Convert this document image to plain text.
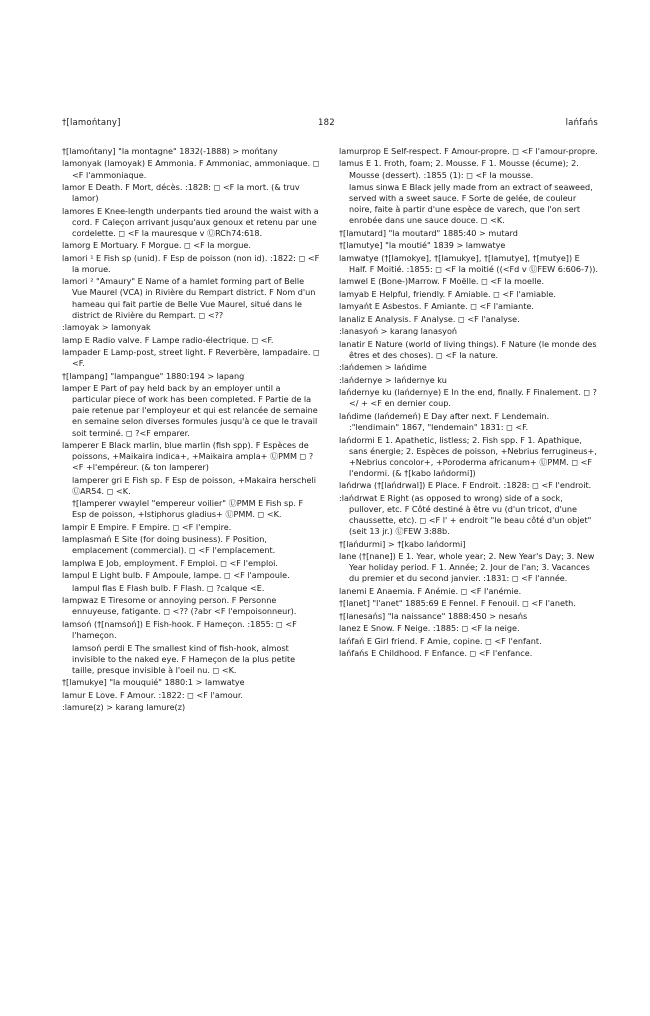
†[lamońtany]	182	lańfańs
†[lamońtany] "la montagne" 1832(-1888) > mońtany
lamonyak (lamoyak) E Ammonia. F Ammoniac, ammoniaque. ◻ <F l'ammoniaque.
lamor E Death. F Mort, décès. :1828: ◻ <F la mort. (& truv lamor)
lamores E Knee-length underpants tied around the waist with a cord. F Caleçon arrivant jusqu'aux genoux et retenu par une cordelette. ◻ <F la mauresque v ⓊRCh74:618.
lamorg E Mortuary. F Morgue. ◻ <F la morgue.
lamori ¹ E Fish sp (unid). F Esp de poisson (non id). :1822: ◻ <F la morue.
lamori ² "Amaury" E Name of a hamlet forming part of Belle Vue Maurel (VCA) in Rivière du Rempart district. F Nom d'un hameau qui fait partie de Belle Vue Maurel, situé dans le district de Rivière du Rempart. ◻ <??
:lamoyak > lamonyak
lamp E Radio valve. F Lampe radio-électrique. ◻ <F.
lampader E Lamp-post, street light. F Reverbère, lampadaire. ◻ <F.
†[lampang] "lampangue" 1880:194 > lapang
lamper E Part of pay held back by an employer until a particular piece of work has been completed. F Partie de la paie retenue par l'employeur et qui est relancée de semaine en semaine selon diverses formules jusqu'à ce que le travail soit terminé. ◻ ?<F emparer.
lamperer E Black marlin, blue marlin (fish spp). F Espèces de poissons, +Maikaira indica+, +Maikaira ampla+ ⓊPMM ◻ ?<F +l'empéreur. (& ton lamperer)
lamperer gri E Fish sp. F Esp de poisson, +Makaira herscheli ⓊAR54. ◻ <K.
†[lamperer vwaylel "empereur voilier" ⓊPMM E Fish sp. F Esp de poisson, +Istiphorus gladius+ ⓊPMM. ◻ <K.
lampir E Empire. F Empire. ◻ <F l'empire.
lamplasmań E Site (for doing business). F Position, emplacement (commercial). ◻ <F l'emplacement.
lamplwa E Job, employment. F Emploi. ◻ <F l'emploi.
lampul E Light bulb. F Ampoule, lampe. ◻ <F l'ampoule.
lampul flas E Flash bulb. F Flash. ◻ ?calque <E.
lampwaz E Tiresome or annoying person. F Personne ennuyeuse, fatigante. ◻ <?? (?abr <F l'empoisonneur).
lamsoń (†[namsoń]) E Fish-hook. F Hameçon. :1855: ◻ <F l'hameçon.
lamsoń perdi E The smallest kind of fish-hook, almost invisible to the naked eye. F Hameçon de la plus petite taille, presque invisible à l'oeil nu. ◻ <K.
†[lamukye] "la mouquié" 1880:1 > lamwatye
lamur E Love. F Amour. :1822: ◻ <F l'amour.
:lamure(z) > karang lamure(z)
lamurprop E Self-respect. F Amour-propre. ◻ <F l'amour-propre.
lamus E 1. Froth, foam; 2. Mousse. F 1. Mousse (écume); 2. Mousse (dessert). :1855 (1): ◻ <F la mousse.
lamus sinwa E Black jelly made from an extract of seaweed, served with a sweet sauce. F Sorte de gelée, de couleur noire, faite à partir d'une espèce de varech, que l'on sert enrobée dans une sauce douce. ◻ <K.
†[lamutard] "la moutard" 1885:40 > mutard
†[lamutye] "la moutié" 1839 > lamwatye
lamwatye (†[lamokye], †[lamukye], †[lamutye], †[mutye]) E Half. F Moitié. :1855: ◻ <F la moitié ((<Fd v ⓊFEW 6:606-7)).
lamwel E (Bone-)Marrow. F Moëlle. ◻ <F la moelle.
lamyab E Helpful, friendly. F Amiable. ◻ <F l'amiable.
lamyańt E Asbestos. F Amiante. ◻ <F l'amiante.
lanaliz E Analysis. F Analyse. ◻ <F l'analyse.
:lanasyoń > karang lanasyoń
lanatir E Nature (world of living things). F Nature (le monde des êtres et des choses). ◻ <F la nature.
:lańdemen > lańdime
:lańdernye > lańdernye ku
lańdernye ku (lańdernye) E In the end, finally. F Finalement. ◻ ?</ + <F en dernier coup.
lańdime (lańdemeń) E Day after next. F Lendemain. :"lendimain" 1867, "lendemain" 1831: ◻ <F.
lańdormi E 1. Apathetic, listless; 2. Fish spp. F 1. Apathique, sans énergie; 2. Espèces de poisson, +Nebrius ferrugineus+, +Nebrius concolor+, +Poroderma africanum+ ⓊPMM. ◻ <F l'endormi. (& †[kabo lańdormi])
lańdrwa (†[lańdrwal]) E Place. F Endroit. :1828: ◻ <F l'endroit.
:lańdrwat E Right (as opposed to wrong) side of a sock, pullover, etc. F Côté destiné à être vu (d'un tricot, d'une chaussette, etc). ◻ <F l' + endroit "le beau côté d'un objet" (seit 13 jr.) ⓊFEW 3:88b.
†[lańdurmi] > †[kabo lańdormi]
lane (†[nane]) E 1. Year, whole year; 2. New Year's Day; 3. New Year holiday period. F 1. Année; 2. Jour de l'an; 3. Vacances du premier et du second janvier. :1831: ◻ <F l'année.
lanemi E Anaemia. F Anémie. ◻ <F l'anémie.
†[lanet] "l'anet" 1885:69 E Fennel. F Fenouil. ◻ <F l'aneth.
†[lanesańs] "la naissance" 1888:450 > nesańs
lanez E Snow. F Neige. :1885: ◻ <F la neige.
lańfań E Girl friend. F Amie, copine. ◻ <F l'enfant.
lańfańs E Childhood. F Enfance. ◻ <F l'enfance.
